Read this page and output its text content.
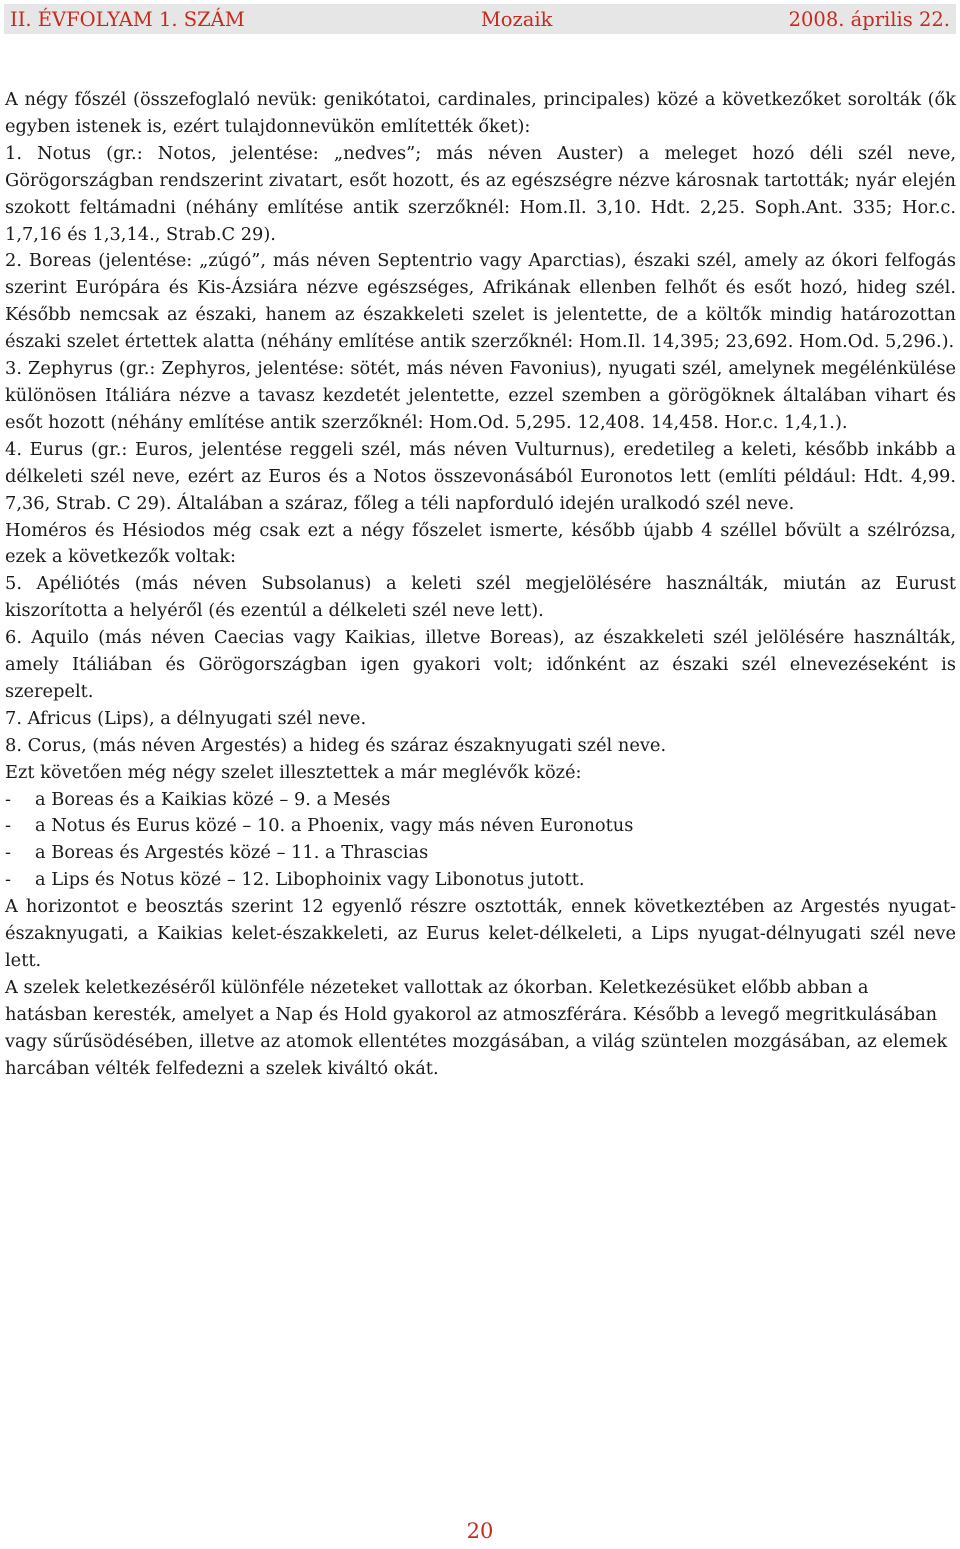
II. ÉVFOLYAM 1. SZÁM	Mozaik	2008. április 22.

A négy főszél (összefoglaló nevük: genikótatoi, cardinales, principales) közé a következőket sorolták (ők egyben istenek is, ezért tulajdonnevükön említették őket):

1. Notus (gr.: Notos, jelentése: „nedves”; más néven Auster) a meleget hozó déli szél neve, Görögországban rendszerint zivatart, esőt hozott, és az egészségre nézve károsnak tartották; nyár elején szokott feltámadni (néhány említése antik szerzőknél: Hom.Il. 3,10. Hdt. 2,25. Soph.Ant. 335; Hor.c. 1,7,16 és 1,3,14., Strab.C 29).

2. Boreas (jelentése: „zúgó”, más néven Septentrio vagy Aparctias), északi szél, amely az ókori felfogás szerint Európára és Kis-Ázsiára nézve egészséges, Afrikának ellenben felhőt és esőt hozó, hideg szél. Később nemcsak az északi, hanem az északkeleti szelet is jelentette, de a költők mindig határozottan északi szelet értettek alatta (néhány említése antik szerzőknél: Hom.Il. 14,395; 23,692. Hom.Od. 5,296.).

3. Zephyrus (gr.: Zephyros, jelentése: sötét, más néven Favonius), nyugati szél, amelynek megélénkülése különösen Itáliára nézve a tavasz kezdetét jelentette, ezzel szemben a görögöknek általában vihart és esőt hozott (néhány említése antik szerzőknél: Hom.Od. 5,295. 12,408. 14,458. Hor.c. 1,4,1.).

4. Eurus (gr.: Euros, jelentése reggeli szél, más néven Vulturnus), eredetileg a keleti, később inkább a délkeleti szél neve, ezért az Euros és a Notos összevonásából Euronotos lett (említi például: Hdt. 4,99. 7,36, Strab. C 29). Általában a száraz, főleg a téli napforduló idején uralkodó szél neve.

Homéros és Hésiodos még csak ezt a négy főszelet ismerte, később újabb 4 széllel bővült a szélrózsa, ezek a következők voltak:

5. Apéliótés (más néven Subsolanus) a keleti szél megjelölésére használták, miután az Eurust kiszorította a helyéről (és ezentúl a délkeleti szél neve lett).

6. Aquilo (más néven Caecias vagy Kaikias, illetve Boreas), az északkeleti szél jelölésére használták, amely Itáliában és Görögországban igen gyakori volt; időnként az északi szél elnevezéseként is szerepelt.

7. Africus (Lips), a délnyugati szél neve.

8. Corus, (más néven Argestés) a hideg és száraz északnyugati szél neve.

Ezt követően még négy szelet illesztettek a már meglévők közé:

-	a Boreas és a Kaikias közé – 9. a Mesés
-	a Notus és Eurus közé – 10. a Phoenix, vagy más néven Euronotus
-	a Boreas és Argestés közé – 11. a Thrascias
-	a Lips és Notus közé – 12. Libophoinix vagy Libonotus jutott.

A horizontot e beosztás szerint 12 egyenlő részre osztották, ennek következtében az Argestés nyugat-északnyugati, a Kaikias kelet-északkeleti, az Eurus kelet-délkeleti, a Lips nyugat-délnyugati szél neve lett.

A szelek keletkezéséről különféle nézeteket vallottak az ókorban. Keletkezésüket előbb abban a hatásban keresték, amelyet a Nap és Hold gyakorol az atmoszférára. Később a levegő megritkulásában vagy sűrűsödésében, illetve az atomok ellentétes mozgásában, a világ szüntelen mozgásában, az elemek harcában vélték felfedezni a szelek kiváltó okát.

20
